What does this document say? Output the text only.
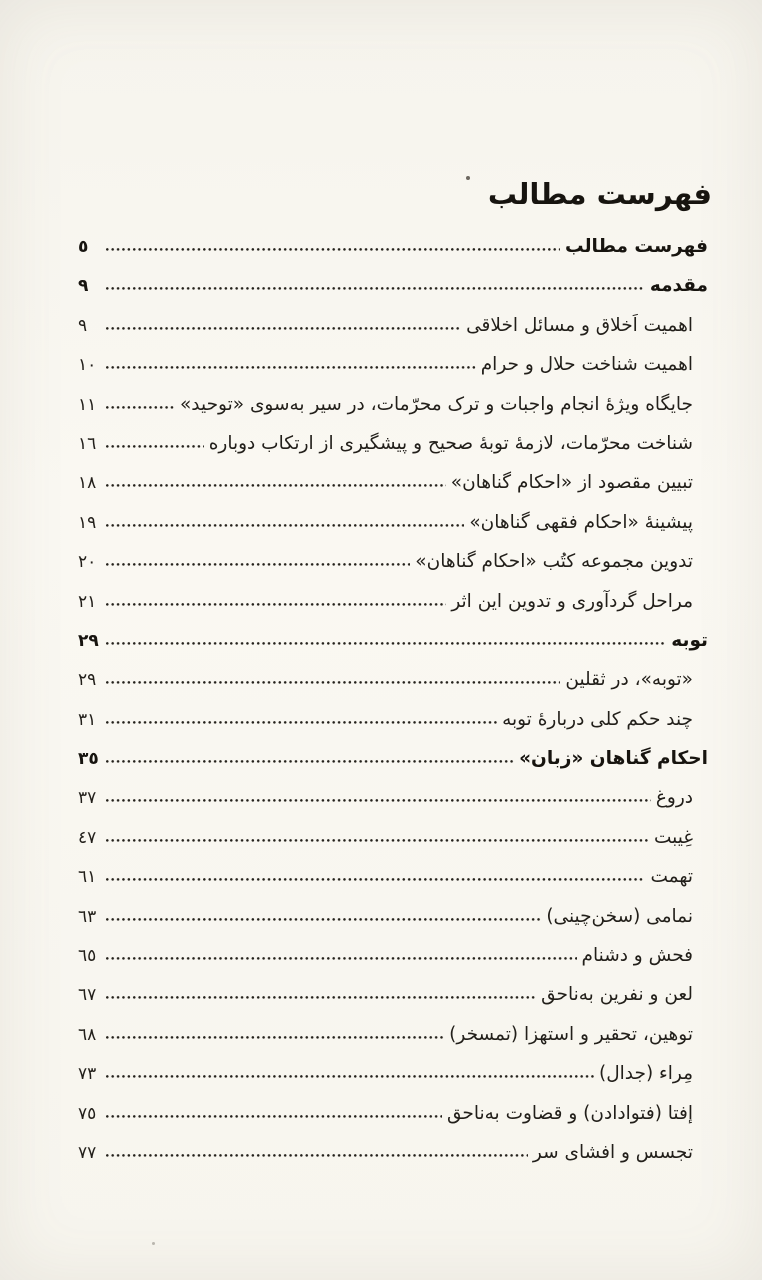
فهرست مطالب
فهرست مطالب
٥
مقدمه
٩
اهمیت اَخلاق و مسائل اخلاقی
٩
اهمیت شناخت حلال و حرام
١٠
جایگاه ویژهٔ انجام واجبات و ترک محرّمات، در سیر به‌سوی «توحید»
١١
شناخت محرّمات، لازمهٔ توبهٔ صحیح و پیشگیری از ارتکاب دوباره
١٦
تبیین مقصود از «احکام گناهان»
١٨
پیشینهٔ «احکام فقهی گناهان»
١٩
تدوین مجموعه کتُب «احکام گناهان»
٢٠
مراحل گردآوری و تدوین این اثر
٢١
توبه
٢٩
«توبه»، در ثقلین
٢٩
چند حکم کلی دربارهٔ توبه
٣١
احکام گناهان «زبان»
٣٥
دروغ
٣٧
غِیبت
٤٧
تهمت
٦١
نمامی (سخن‌چینی)
٦٣
فحش و دشنام
٦٥
لعن و نفرین به‌ناحق
٦٧
توهین، تحقیر و استهزا (تمسخر)
٦٨
مِراء (جدال)
٧٣
إفتا (فتوادادن) و قضاوت به‌ناحق
٧٥
تجسس و افشای سر
٧٧
